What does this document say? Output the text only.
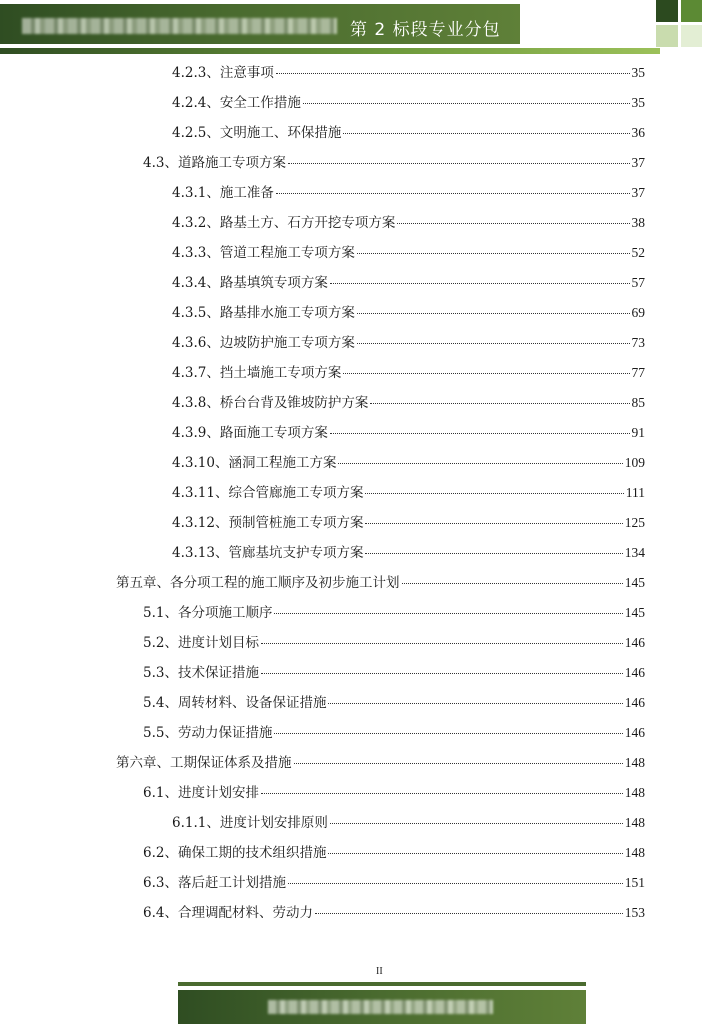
第 2 标段专业分包
4.2.3、注意事项	35
4.2.4、安全工作措施	35
4.2.5、文明施工、环保措施	36
4.3、道路施工专项方案	37
4.3.1、施工准备	37
4.3.2、路基土方、石方开挖专项方案	38
4.3.3、管道工程施工专项方案	52
4.3.4、路基填筑专项方案	57
4.3.5、路基排水施工专项方案	69
4.3.6、边坡防护施工专项方案	73
4.3.7、挡土墙施工专项方案	77
4.3.8、桥台台背及锥坡防护方案	85
4.3.9、路面施工专项方案	91
4.3.10、涵洞工程施工方案	109
4.3.11、综合管廊施工专项方案	111
4.3.12、预制管桩施工专项方案	125
4.3.13、管廊基坑支护专项方案	134
第五章、各分项工程的施工顺序及初步施工计划	145
5.1、各分项施工顺序	145
5.2、进度计划目标	146
5.3、技术保证措施	146
5.4、周转材料、设备保证措施	146
5.5、劳动力保证措施	146
第六章、工期保证体系及措施	148
6.1、进度计划安排	148
6.1.1、进度计划安排原则	148
6.2、确保工期的技术组织措施	148
6.3、落后赶工计划措施	151
6.4、合理调配材料、劳动力	153
II
